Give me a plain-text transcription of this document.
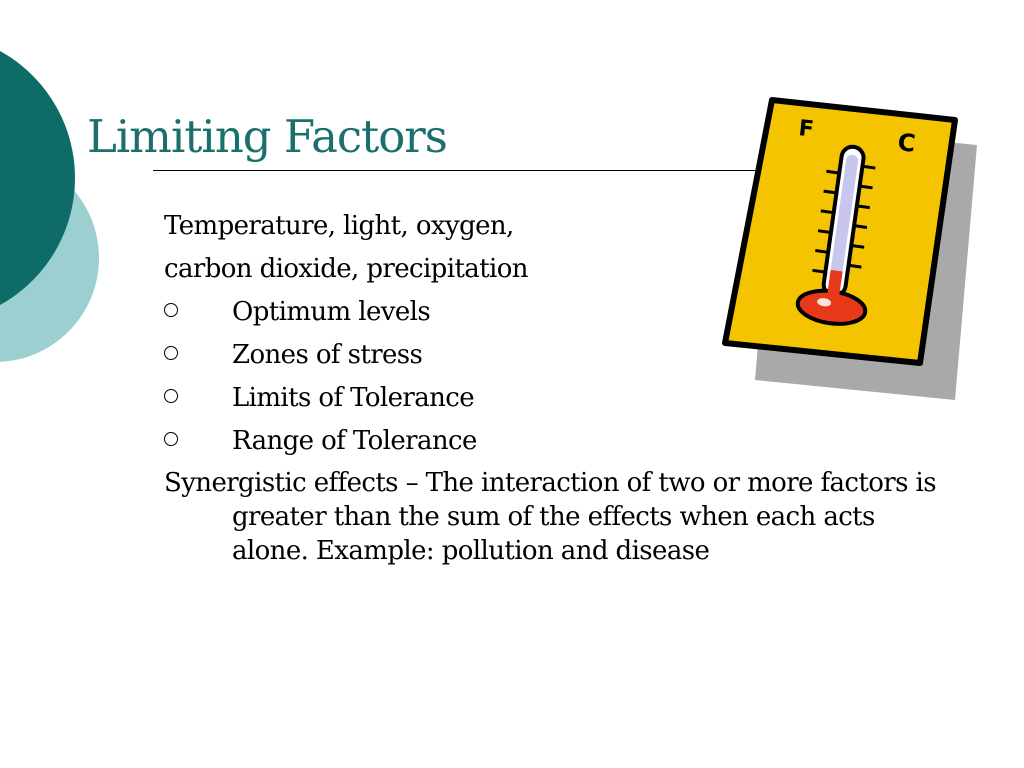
Limiting Factors
Temperature, light, oxygen,
carbon dioxide, precipitation
Optimum levels
Zones of stress
Limits of Tolerance
Range of Tolerance
Synergistic effects – The interaction of two or more factors is
greater than the sum of the effects when each acts
alone. Example: pollution and disease
F	C
